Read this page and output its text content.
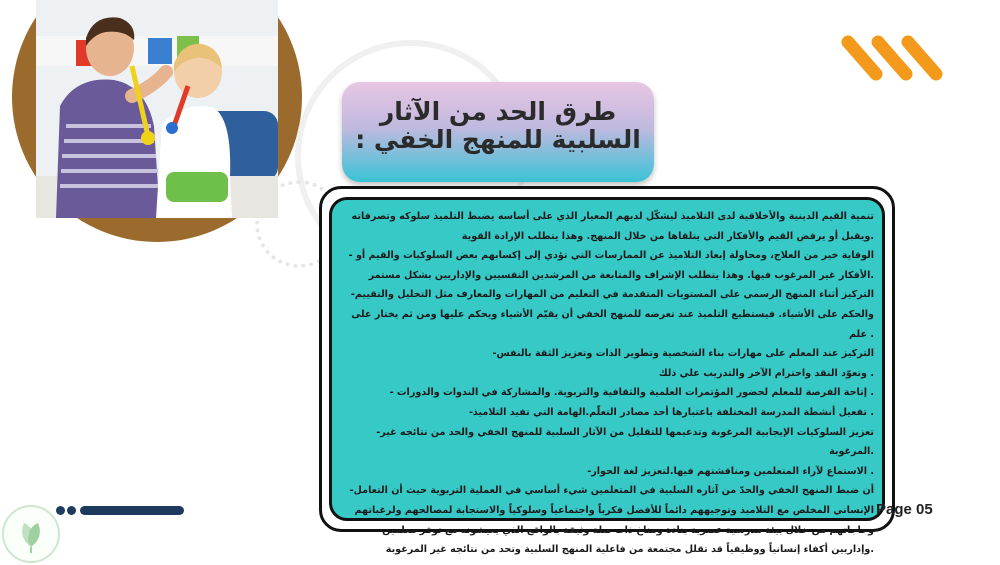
طرق الحد من الآثار السلبية للمنهج الخفي :

تنمية القيم الدينية والأخلاقية لدى التلاميذ ليشكّل لديهم المعيار الذي على أساسه يضبط التلميذ سلوكه وتصرفاته

.ويقبل أو يرفض القيم والأفكار التي يتلقاها من خلال المنهج. وهذا يتطلب الإرادة القوية

الوقاية خير من العلاج، ومحاولة إبعاد التلاميذ عن الممارسات التي تؤدي إلى إكسابهم بعض السلوكيات والقيم أو -

.الأفكار غير المرغوب فيها. وهذا يتطلب الإشراف والمتابعة من المرشدين النفسيين والإداريين بشكل مستمر

التركيز أثناء المنهج الرسمي على المستويات المتقدمة في التعليم من المهارات والمعارف مثل التحليل والتقييم-

والحكم على الأشياء. فيستطيع التلميذ عند تعرضه للمنهج الخفي أن يقيّم الأشياء ويحكم عليها ومن ثم يختار على

. علم

التركيز عند المعلم على مهارات بناء الشخصية وتطوير الذات وتعزيز الثقة بالنفس-

. وتعوّد النقد واحترام الآخر والتدريب علي ذلك

. إتاحة الفرصة للمعلم لحضور المؤتمرات العلمية والثقافية والتربوية. والمشاركة في الندوات والدورات -

. تفعيل أنشطة المدرسة المختلفة باعتبارها أحد مصادر التعلّم.الهامة التي تفيد التلاميذ-

تعزيز السلوكيات الإيجابية المرغوبة وتدعيمها للتقليل من الآثار السلبية للمنهج الخفي والحد من نتائجه غير-

.المرغوبة

. الاستماع لآراء المتعلمين ومناقشتهم فيها.لتعزيز لغة الحوار-

أن ضبط المنهج الخفي والحدّ من آثاره السلبية في المتعلمين شيء أساسي في العملية التربوية حيث أن التعامل-

الإنساني المخلص مع التلاميذ وتوجيههم دائماً للأفضل فكرياً واجتماعياً وسلوكياً والاستجابة لمصالحهم ولرغباتهم

وحاجاتهم من خلال بيئة مدرسية عصرية بناءة ومناخ ذات صلة وثيقة بالواقع الذي يعيشونه مع توفر معلمين

.وإداريين أكفاء إنسانياً ووظيفياً قد تقلل مجتمعة من فاعلية المنهج السلبية وتحد من نتائجه غير المرغوبة

Page 05
